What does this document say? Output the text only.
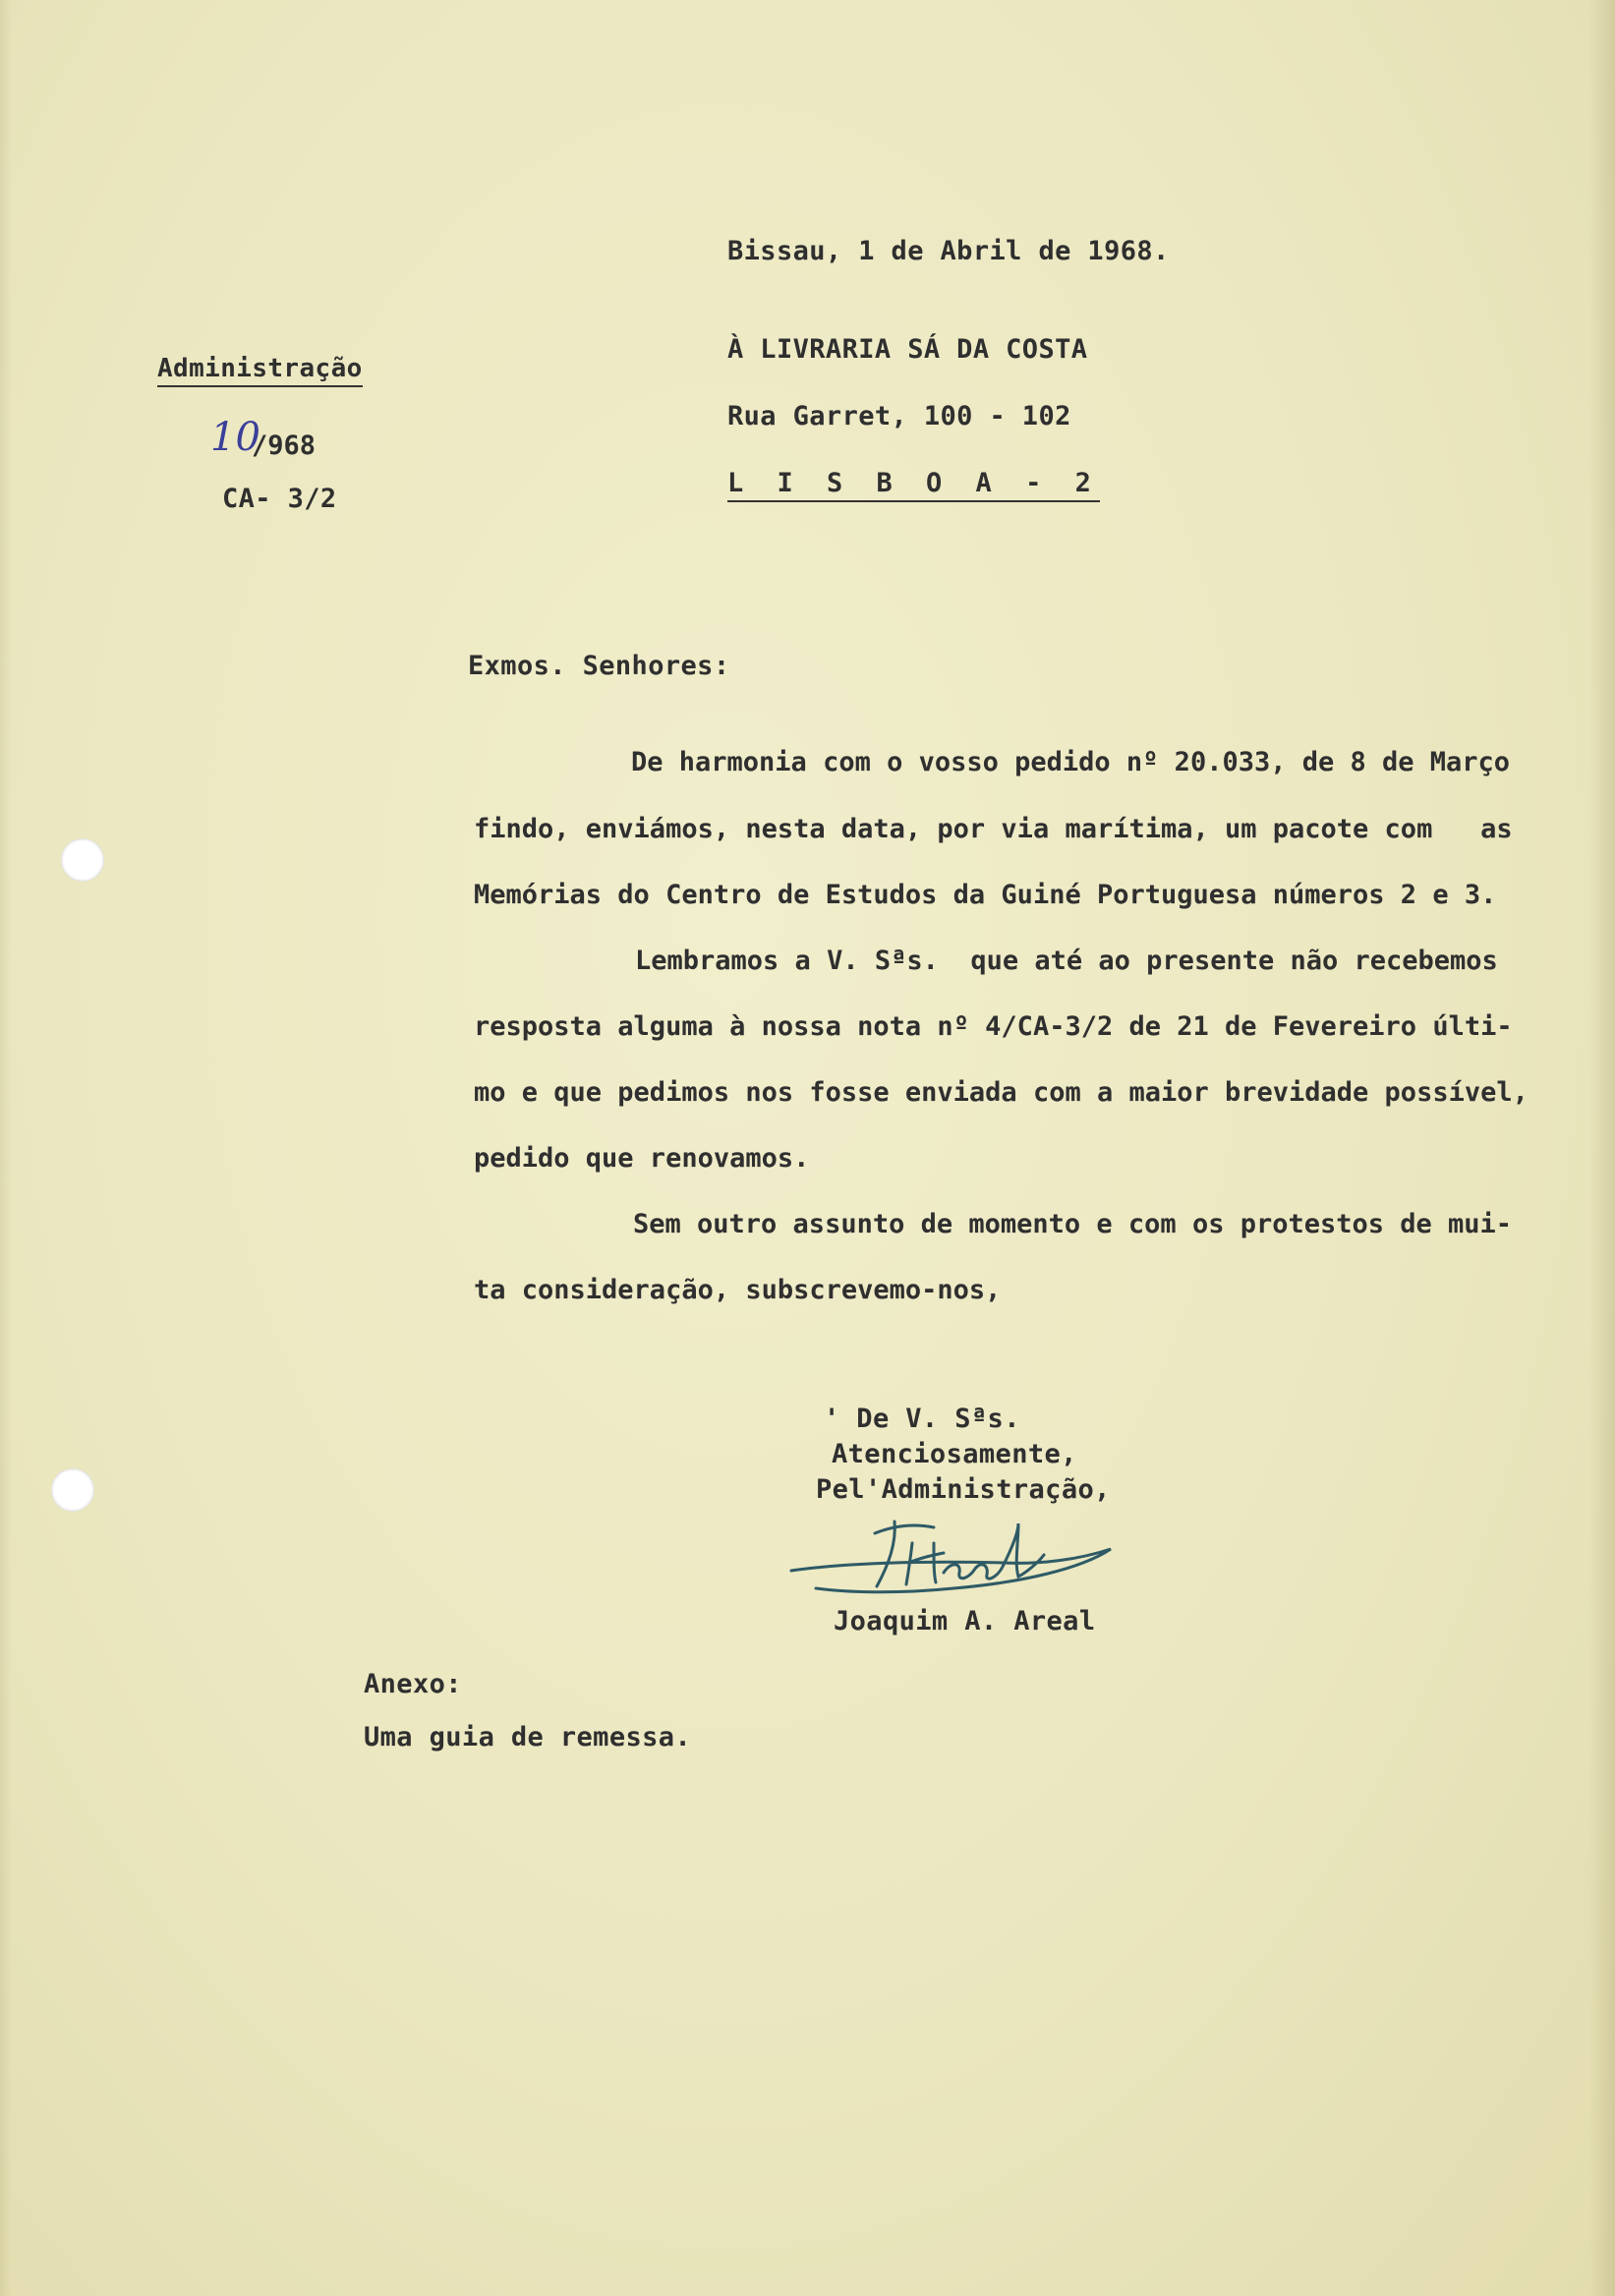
Bissau, 1 de Abril de 1968.
À LIVRARIA SÁ DA COSTA
Rua Garret, 100 - 102
L I S B O A - 2
Administração
10
/968
CA- 3/2
Exmos. Senhores:
De harmonia com o vosso pedido nº 20.033, de 8 de Março
findo, enviámos, nesta data, por via marítima, um pacote com   as
Memórias do Centro de Estudos da Guiné Portuguesa números 2 e 3.
Lembramos a V. Sªs.  que até ao presente não recebemos
resposta alguma à nossa nota nº 4/CA-3/2 de 21 de Fevereiro últi-
mo e que pedimos nos fosse enviada com a maior brevidade possível,
pedido que renovamos.
Sem outro assunto de momento e com os protestos de mui-
ta consideração, subscrevemo-nos,
' De V. Sªs.
Atenciosamente,
Pel'Administração,
Joaquim A. Areal
Anexo:
Uma guia de remessa.
